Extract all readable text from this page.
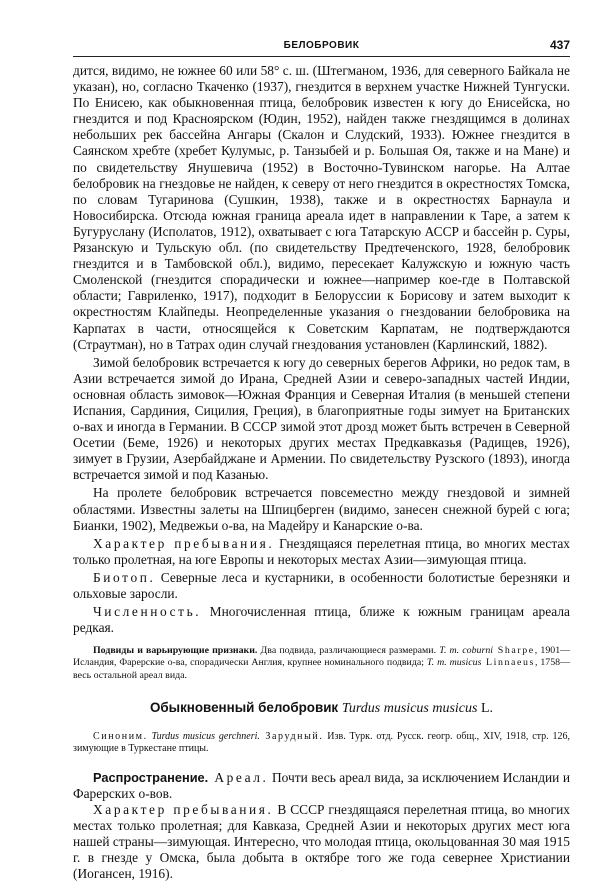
БЕЛОБРОВИК	437

дится, видимо, не южнее 60 или 58° с. ш. (Штегманом, 1936, для северного Байкала не указан), но, согласно Ткаченко (1937), гнездится в верхнем участке Нижней Тунгуски. По Енисею, как обыкновенная птица, белобровик известен к югу до Енисейска, но гнездится и под Красноярском (Юдин, 1952), найден также гнездящимся в долинах небольших рек бассейна Ангары (Скалон и Слудский, 1933). Южнее гнездится в Саянском хребте (хребет Кулумыс, р. Танзыбей и р. Большая Оя, также и на Мане) и по свидетельству Янушевича (1952) в Восточно-Тувинском нагорье. На Алтае белобровик на гнездовье не найден, к северу от него гнездится в окрестностях Томска, по словам Тугаринова (Сушкин, 1938), также и в окрестностях Барнаула и Новосибирска. Отсюда южная граница ареала идет в направлении к Таре, а затем к Бугуруслану (Исполатов, 1912), охватывает с юга Татарскую АССР и бассейн р. Суры, Рязанскую и Тульскую обл. (по свидетельству Предтеченского, 1928, белобровик гнездится и в Тамбовской обл.), видимо, пересекает Калужскую и южную часть Смоленской (гнездится спорадически и южнее—например кое-где в Полтавской области; Гавриленко, 1917), подходит в Белоруссии к Борисову и затем выходит к окрестностям Клайпеды. Неопределенные указания о гнездовании белобровика на Карпатах в части, относящейся к Советским Карпатам, не подтверждаются (Страутман), но в Татрах один случай гнездования установлен (Карлинский, 1882).

Зимой белобровик встречается к югу до северных берегов Африки, но редок там, в Азии встречается зимой до Ирана, Средней Азии и северо-западных частей Индии, основная область зимовок—Южная Франция и Северная Италия (в меньшей степени Испания, Сардиния, Сицилия, Греция), в благоприятные годы зимует на Британских о-вах и иногда в Германии. В СССР зимой этот дрозд может быть встречен в Северной Осетии (Беме, 1926) и некоторых других местах Предкавказья (Радищев, 1926), зимует в Грузии, Азербайджане и Армении. По свидетельству Рузского (1893), иногда встречается зимой и под Казанью.

На пролете белобровик встречается повсеместно между гнездовой и зимней областями. Известны залеты на Шпицберген (видимо, занесен снежной бурей с юга; Бианки, 1902), Медвежьи о-ва, на Мадейру и Канарские о-ва.

Характер пребывания. Гнездящаяся перелетная птица, во многих местах только пролетная, на юге Европы и некоторых местах Азии—зимующая птица.

Биотоп. Северные леса и кустарники, в особенности болотистые березняки и ольховые заросли.

Численность. Многочисленная птица, ближе к южным границам ареала редкая.

Подвиды и варьирующие признаки. Два подвида, различающиеся размерами. T. m. coburni Sharpe, 1901—Исландия, Фарерские о-ва, спорадически Англия, крупнее номинального подвида; T. m. musicus Linnaeus, 1758—весь остальной ареал вида.
Обыкновенный белобровик Turdus musicus musicus L.
Синоним. Turdus musicus gerchneri. Зарудный. Изв. Турк. отд. Русск. геогр. общ., XIV, 1918, стр. 126, зимующие в Туркестане птицы.

Распространение. Ареал. Почти весь ареал вида, за исключением Исландии и Фарерских о-вов.

Характер пребывания. В СССР гнездящаяся перелетная птица, во многих местах только пролетная; для Кавказа, Средней Азии и некоторых других мест юга нашей страны—зимующая. Интересно, что молодая птица, окольцованная 30 мая 1915 г. в гнезде у Омска, была добыта в октябре того же года севернее Христиании (Иогансен, 1916).
